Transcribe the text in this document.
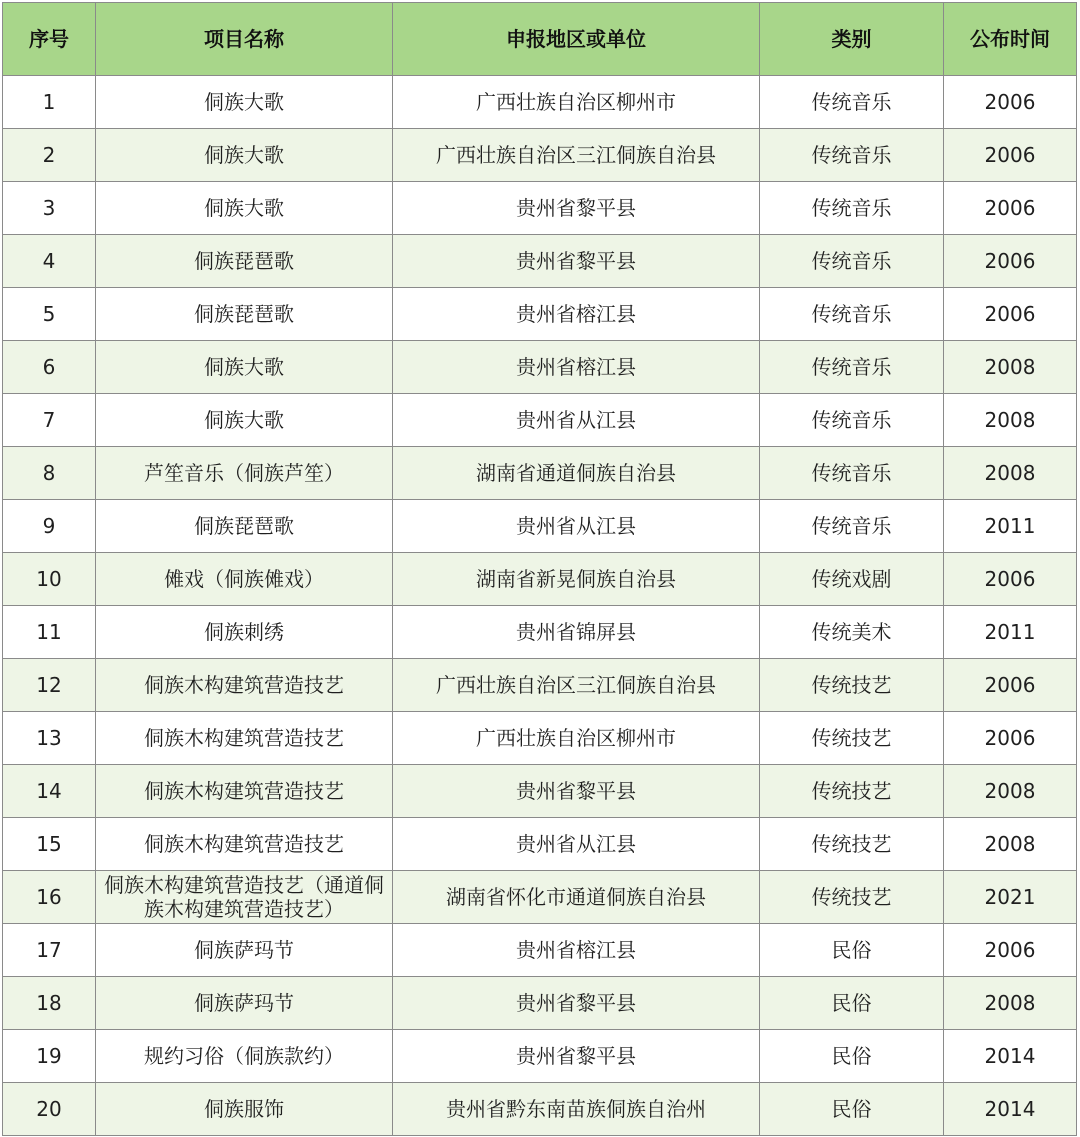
序号	项目名称	申报地区或单位	类别	公布时间
1	侗族大歌	广西壮族自治区柳州市	传统音乐	2006
2	侗族大歌	广西壮族自治区三江侗族自治县	传统音乐	2006
3	侗族大歌	贵州省黎平县	传统音乐	2006
4	侗族琵琶歌	贵州省黎平县	传统音乐	2006
5	侗族琵琶歌	贵州省榕江县	传统音乐	2006
6	侗族大歌	贵州省榕江县	传统音乐	2008
7	侗族大歌	贵州省从江县	传统音乐	2008
8	芦笙音乐（侗族芦笙）	湖南省通道侗族自治县	传统音乐	2008
9	侗族琵琶歌	贵州省从江县	传统音乐	2011
10	傩戏（侗族傩戏）	湖南省新晃侗族自治县	传统戏剧	2006
11	侗族刺绣	贵州省锦屏县	传统美术	2011
12	侗族木构建筑营造技艺	广西壮族自治区三江侗族自治县	传统技艺	2006
13	侗族木构建筑营造技艺	广西壮族自治区柳州市	传统技艺	2006
14	侗族木构建筑营造技艺	贵州省黎平县	传统技艺	2008
15	侗族木构建筑营造技艺	贵州省从江县	传统技艺	2008
16	侗族木构建筑营造技艺（通道侗族木构建筑营造技艺）	湖南省怀化市通道侗族自治县	传统技艺	2021
17	侗族萨玛节	贵州省榕江县	民俗	2006
18	侗族萨玛节	贵州省黎平县	民俗	2008
19	规约习俗（侗族款约）	贵州省黎平县	民俗	2014
20	侗族服饰	贵州省黔东南苗族侗族自治州	民俗	2014
